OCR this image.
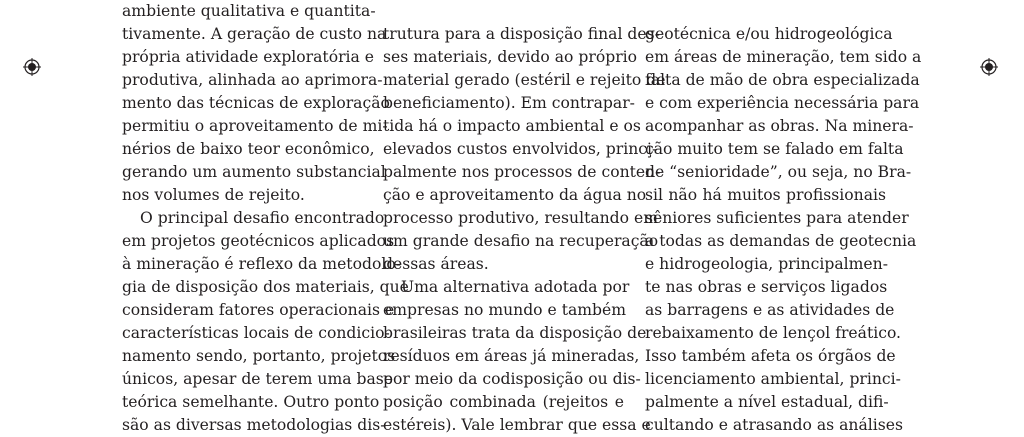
ambiente qualitativa e quantita-
tivamente. A geração de custo na
própria atividade exploratória e
produtiva, alinhada ao aprimora-
mento das técnicas de exploração
permitiu o aproveitamento de mi-
nérios de baixo teor econômico,
gerando um aumento substancial
nos volumes de rejeito.
O principal desafio encontrado
em projetos geotécnicos aplicados
à mineração é reflexo da metodolo-
gia de disposição dos materiais, que
consideram fatores operacionais e
características locais de condicio-
namento sendo, portanto, projetos
únicos, apesar de terem uma base
teórica semelhante. Outro ponto
são as diversas metodologias dis-
trutura para a disposição final des-
ses materiais, devido ao próprio
material gerado (estéril e rejeito de
beneficiamento). Em contrapar-
tida há o impacto ambiental e os
elevados custos envolvidos, princi-
palmente nos processos de conten-
ção e aproveitamento da água no
processo produtivo, resultando em
um grande desafio na recuperação
dessas áreas.
Uma alternativa adotada por
empresas no mundo e também
brasileiras trata da disposição de
resíduos em áreas já mineradas,
por meio da codisposição ou dis-
posição combinada (rejeitos e
estéreis). Vale lembrar que essa e
geotécnica e/ou hidrogeológica
em áreas de mineração, tem sido a
falta de mão de obra especializada
e com experiência necessária para
acompanhar as obras. Na minera-
ção muito tem se falado em falta
de “senioridade”, ou seja, no Bra-
sil não há muitos profissionais
sêniores suficientes para atender
a todas as demandas de geotecnia
e hidrogeologia, principalmen-
te nas obras e serviços ligados
as barragens e as atividades de
rebaixamento de lençol freático.
Isso também afeta os órgãos de
licenciamento ambiental, princi-
palmente a nível estadual, difi-
cultando e atrasando as análises
